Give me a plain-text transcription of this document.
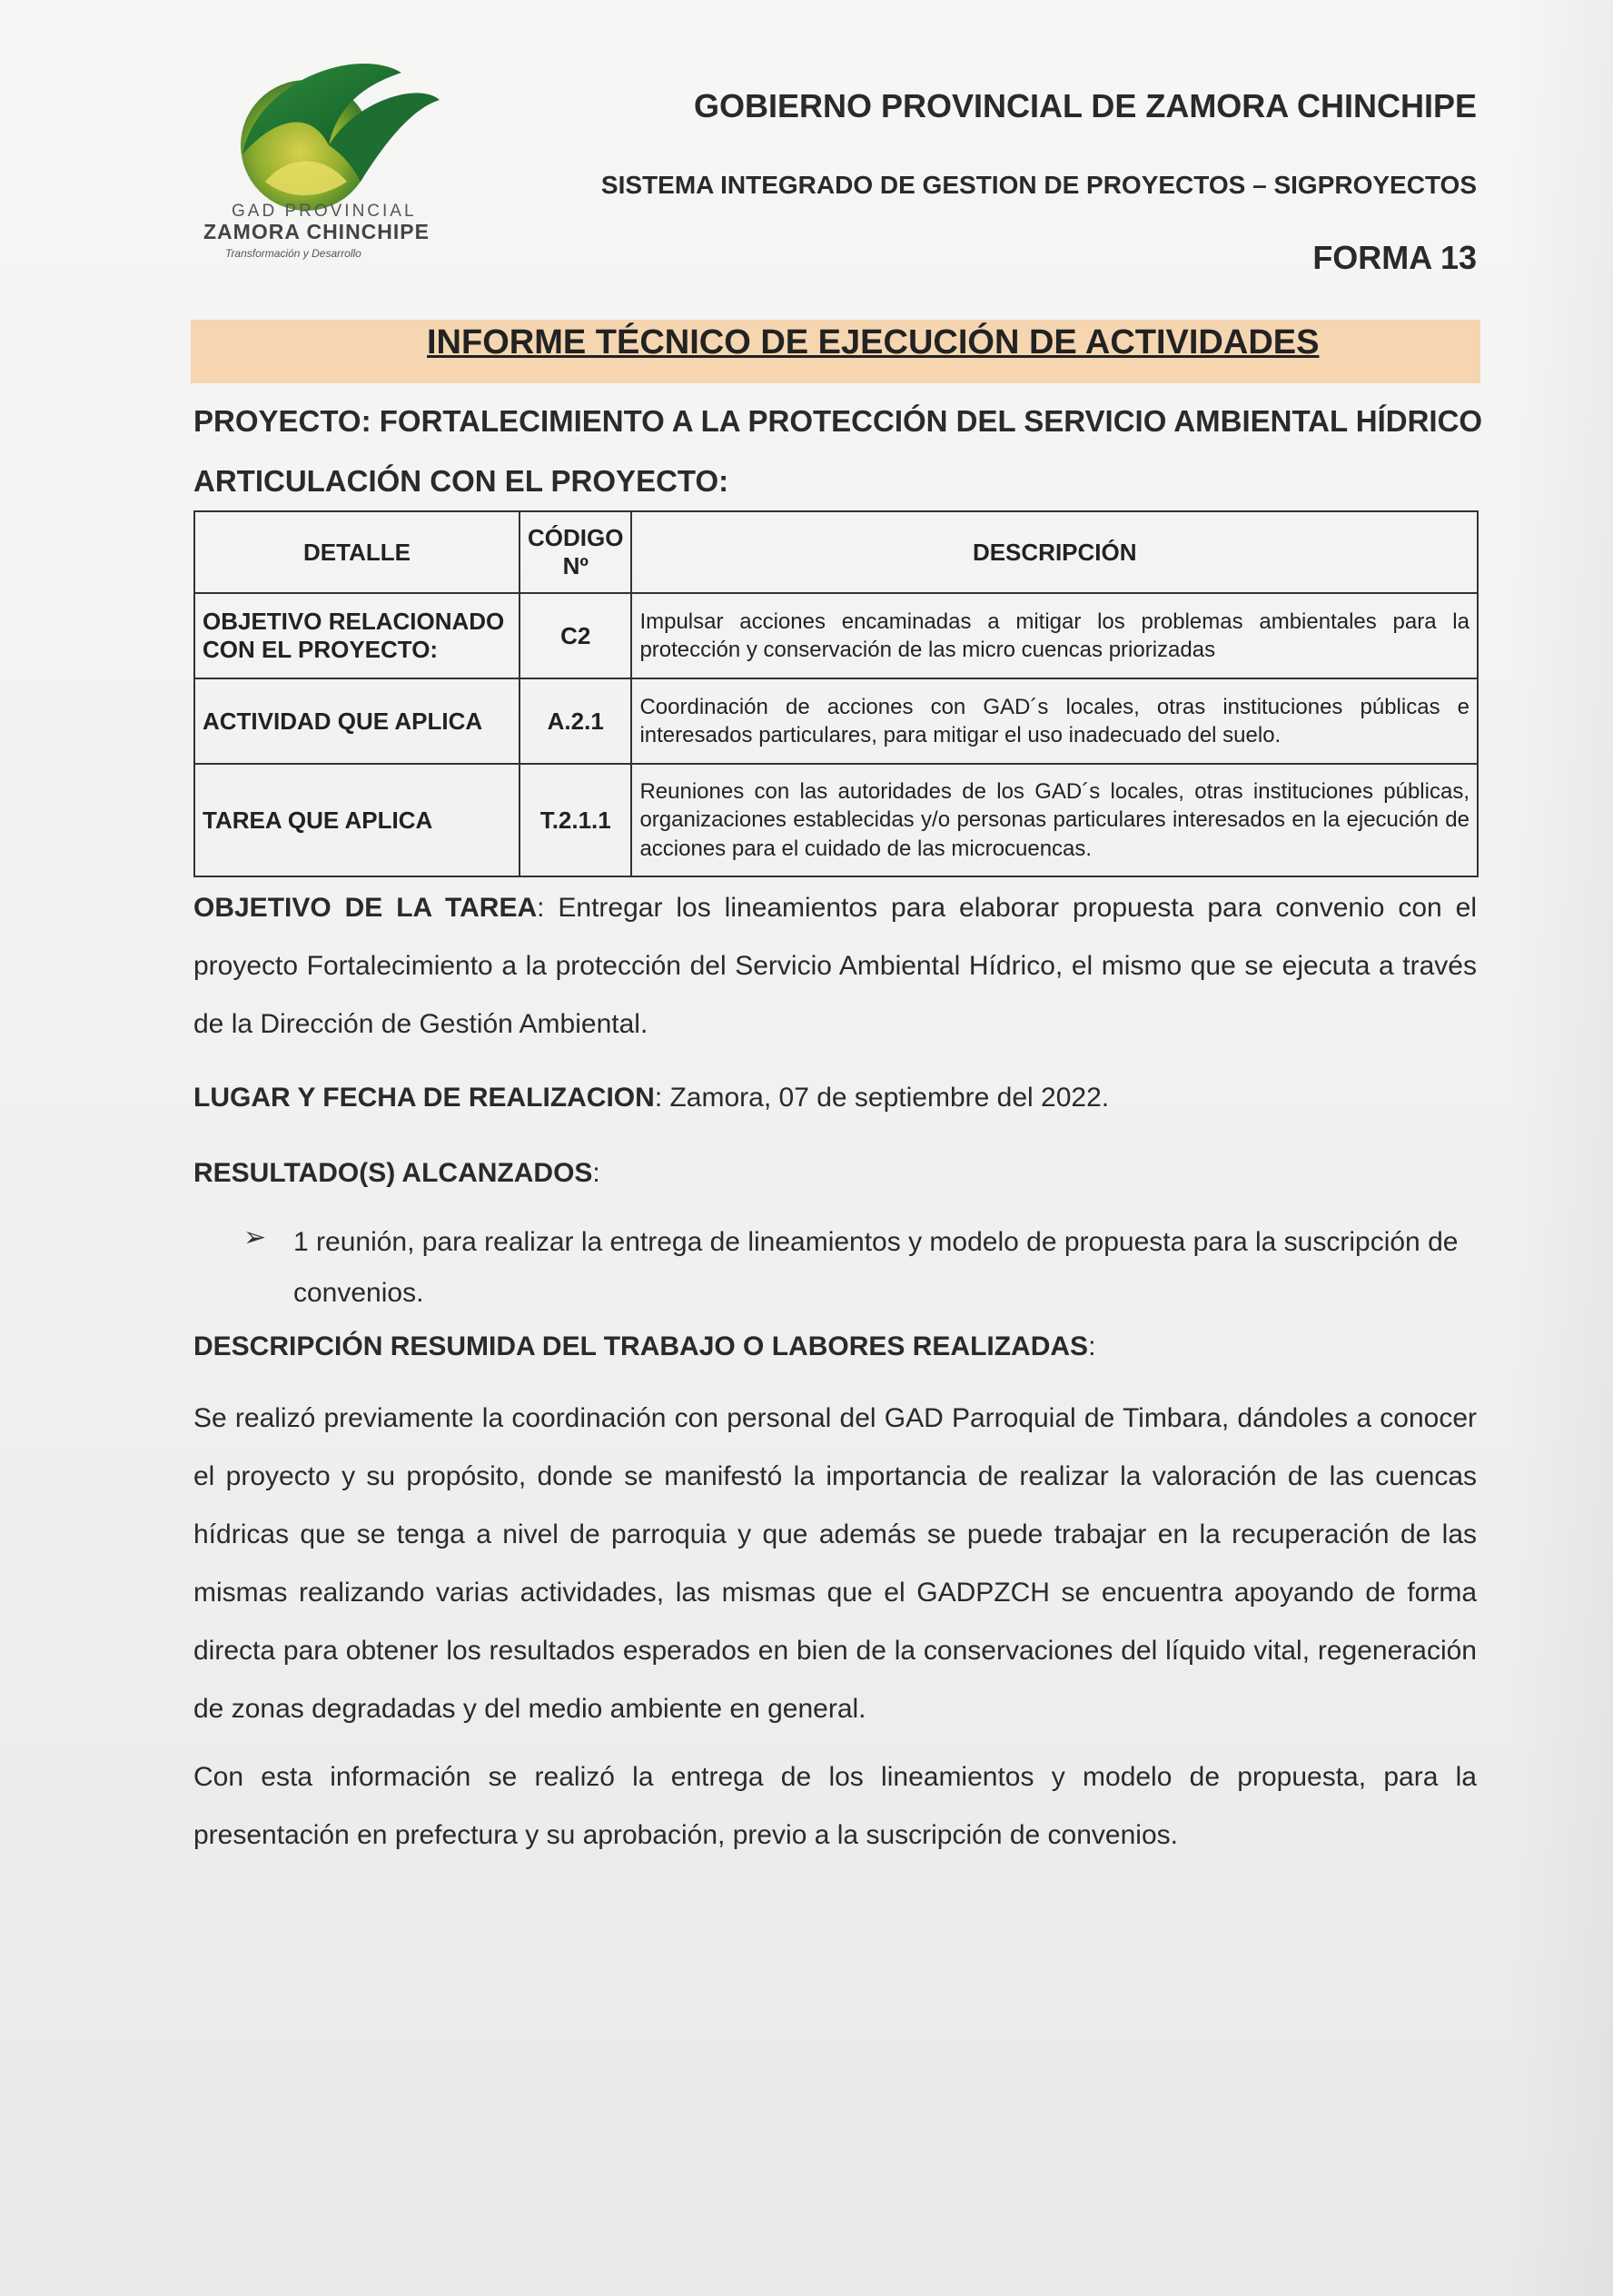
GAD PROVINCIAL
ZAMORA CHINCHIPE
Transformación y Desarrollo
GOBIERNO PROVINCIAL DE ZAMORA CHINCHIPE
SISTEMA INTEGRADO DE GESTION DE PROYECTOS – SIGPROYECTOS
FORMA 13
INFORME TÉCNICO DE EJECUCIÓN DE ACTIVIDADES
PROYECTO: FORTALECIMIENTO A LA PROTECCIÓN DEL SERVICIO AMBIENTAL HÍDRICO
ARTICULACIÓN CON EL PROYECTO:
DETALLE	CÓDIGO Nº	DESCRIPCIÓN
OBJETIVO RELACIONADO CON EL PROYECTO:	C2	Impulsar acciones encaminadas a mitigar los problemas ambientales para la protección y conservación de las micro cuencas priorizadas
ACTIVIDAD QUE APLICA	A.2.1	Coordinación de acciones con GAD´s locales, otras instituciones públicas e interesados particulares, para mitigar el uso inadecuado del suelo.
TAREA QUE APLICA	T.2.1.1	Reuniones con las autoridades de los GAD´s locales, otras instituciones públicas, organizaciones establecidas y/o personas particulares interesados en la ejecución de acciones para el cuidado de las microcuencas.
OBJETIVO DE LA TAREA: Entregar los lineamientos para elaborar propuesta para convenio con el proyecto Fortalecimiento a la protección del Servicio Ambiental Hídrico, el mismo que se ejecuta a través de la Dirección de Gestión Ambiental.
LUGAR Y FECHA DE REALIZACION: Zamora, 07 de septiembre del 2022.
RESULTADO(S) ALCANZADOS:
➢ 1 reunión, para realizar la entrega de lineamientos y modelo de propuesta para la suscripción de convenios.
DESCRIPCIÓN RESUMIDA DEL TRABAJO O LABORES REALIZADAS:
Se realizó previamente la coordinación con personal del GAD Parroquial de Timbara, dándoles a conocer el proyecto y su propósito, donde se manifestó la importancia de realizar la valoración de las cuencas hídricas que se tenga a nivel de parroquia y que además se puede trabajar en la recuperación de las mismas realizando varias actividades, las mismas que el GADPZCH se encuentra apoyando de forma directa para obtener los resultados esperados en bien de la conservaciones del líquido vital, regeneración de zonas degradadas y del medio ambiente en general.
Con esta información se realizó la entrega de los lineamientos y modelo de propuesta, para la presentación en prefectura y su aprobación, previo a la suscripción de convenios.
